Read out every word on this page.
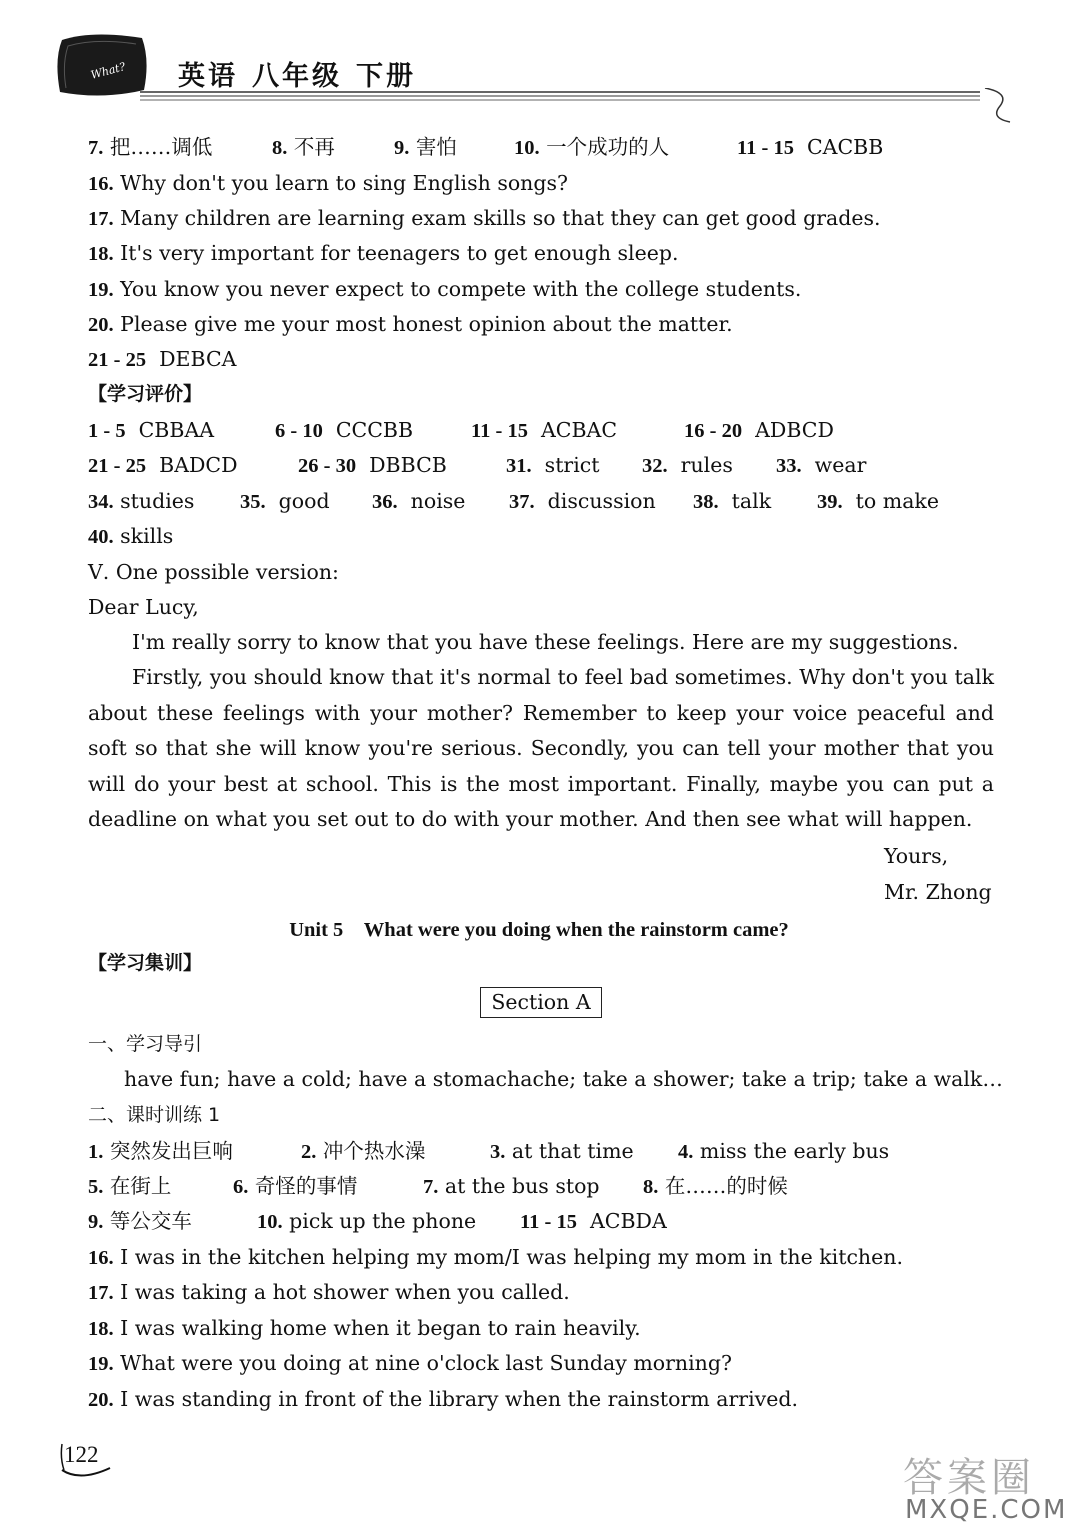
What? 英语 八年级 下册
7. 把……调低	8. 不再	9. 害怕	10. 一个成功的人	11 - 15 CACBB
16. Why don't you learn to sing English songs?
17. Many children are learning exam skills so that they can get good grades.
18. It's very important for teenagers to get enough sleep.
19. You know you never expect to compete with the college students.
20. Please give me your most honest opinion about the matter.
21 - 25 DEBCA
【学习评价】
1 - 5 CBBAA	6 - 10 CCCBB	11 - 15 ACBAC	16 - 20 ADBCD
21 - 25 BADCD	26 - 30 DBBCB	31. strict 32. rules 33. wear
34. studies 35. good 36. noise 37. discussion 38. talk 39. to make
40. skills
Ⅴ. One possible version:
Dear Lucy,
I'm really sorry to know that you have these feelings. Here are my suggestions.
Firstly, you should know that it's normal to feel bad sometimes. Why don't you talk about these feelings with your mother? Remember to keep your voice peaceful and soft so that she will know you're serious. Secondly, you can tell your mother that you will do your best at school. This is the most important. Finally, maybe you can put a deadline on what you set out to do with your mother. And then see what will happen.
Yours,
Mr. Zhong
Unit 5　What were you doing when the rainstorm came?
【学习集训】
Section A
一、学习导引
have fun; have a cold; have a stomachache; take a shower; take a trip; take a walk…
二、课时训练 1
1. 突然发出巨响	2. 冲个热水澡	3. at that time 4. miss the early bus
5. 在街上	6. 奇怪的事情	7. at the bus stop 8. 在……的时候
9. 等公交车	10. pick up the phone 11 - 15 ACBDA
16. I was in the kitchen helping my mom/I was helping my mom in the kitchen.
17. I was taking a hot shower when you called.
18. I was walking home when it began to rain heavily.
19. What were you doing at nine o'clock last Sunday morning?
20. I was standing in front of the library when the rainstorm arrived.
122
答案圈
MXQE.COM
